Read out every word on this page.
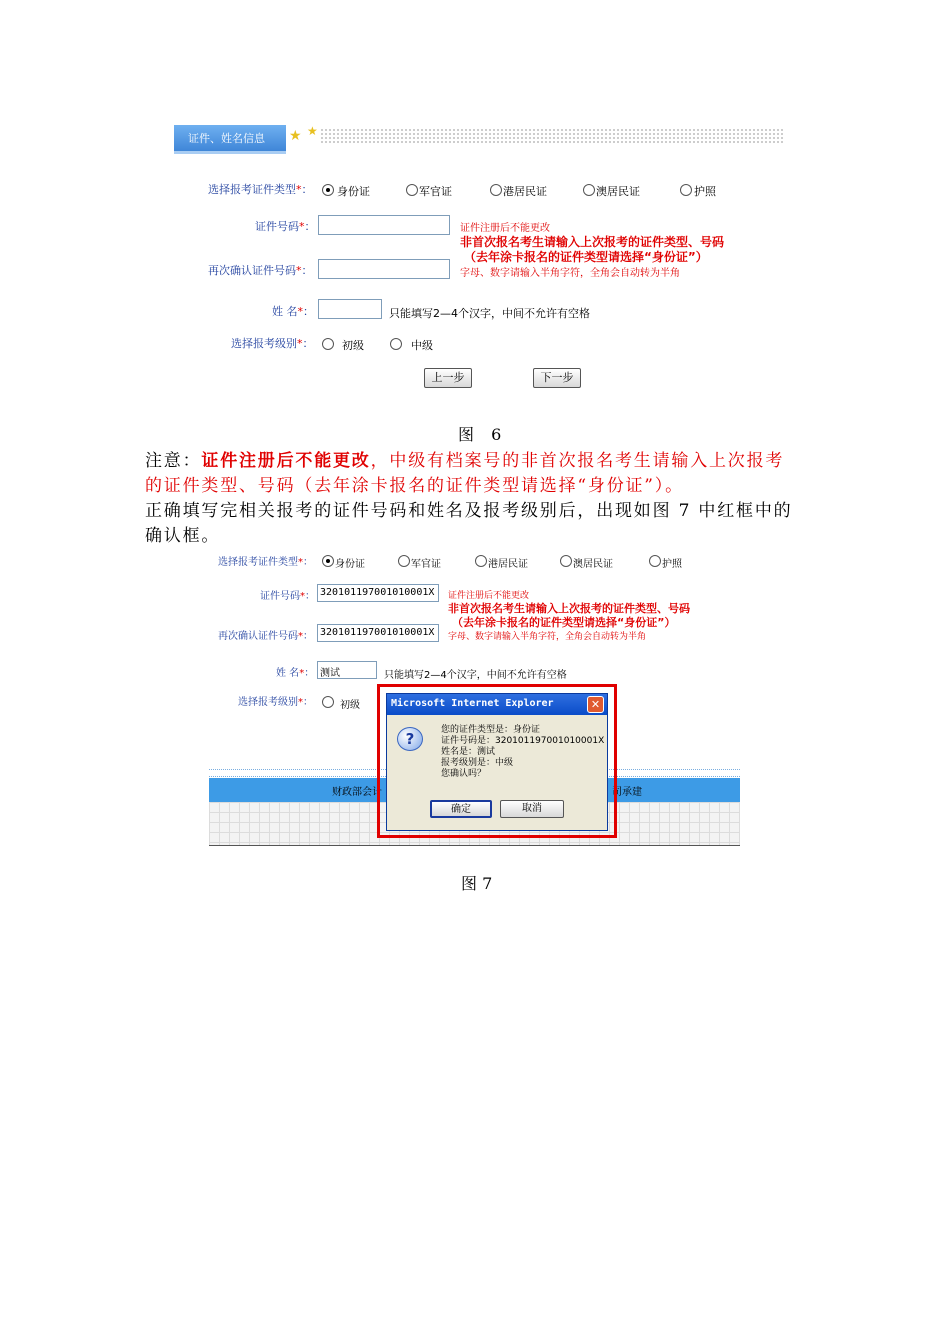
证件、姓名信息 ★ ★
选择报考证件类型*： 身份证	军官证	港居民证	澳居民证	护照
证件号码*：	证件注册后不能更改
非首次报名考生请输入上次报考的证件类型、号码
（去年涂卡报名的证件类型请选择“身份证”）
再次确认证件号码*：	字母、数字请输入半角字符，全角会自动转为半角
姓 名*：	只能填写2—4个汉字，中间不允许有空格
选择报考级别*：	初级	中级
上一步	下一步
图 6
注意：证件注册后不能更改，中级有档案号的非首次报名考生请输入上次报考
的证件类型、号码（去年涂卡报名的证件类型请选择“身份证”）。
正确填写完相关报考的证件号码和姓名及报考级别后，出现如图 7 中红框中的
确认框。
选择报考证件类型*： 身份证	军官证	港居民证	澳居民证	护照
证件号码*： 320101197001010001X	证件注册后不能更改
非首次报名考生请输入上次报考的证件类型、号码
（去年涂卡报名的证件类型请选择“身份证”）
再次确认证件号码*： 320101197001010001X	字母、数字请输入半角字符，全角会自动转为半角
姓 名*： 测试	只能填写2—4个汉字，中间不允许有空格
选择报考级别*：	初级
财政部会计	司承建
Microsoft Internet Explorer	✕
?	您的证件类型是：身份证
证件号码是：320101197001010001X
姓名是：测试
报考级别是：中级
您确认吗？
确定	取消
图 7
